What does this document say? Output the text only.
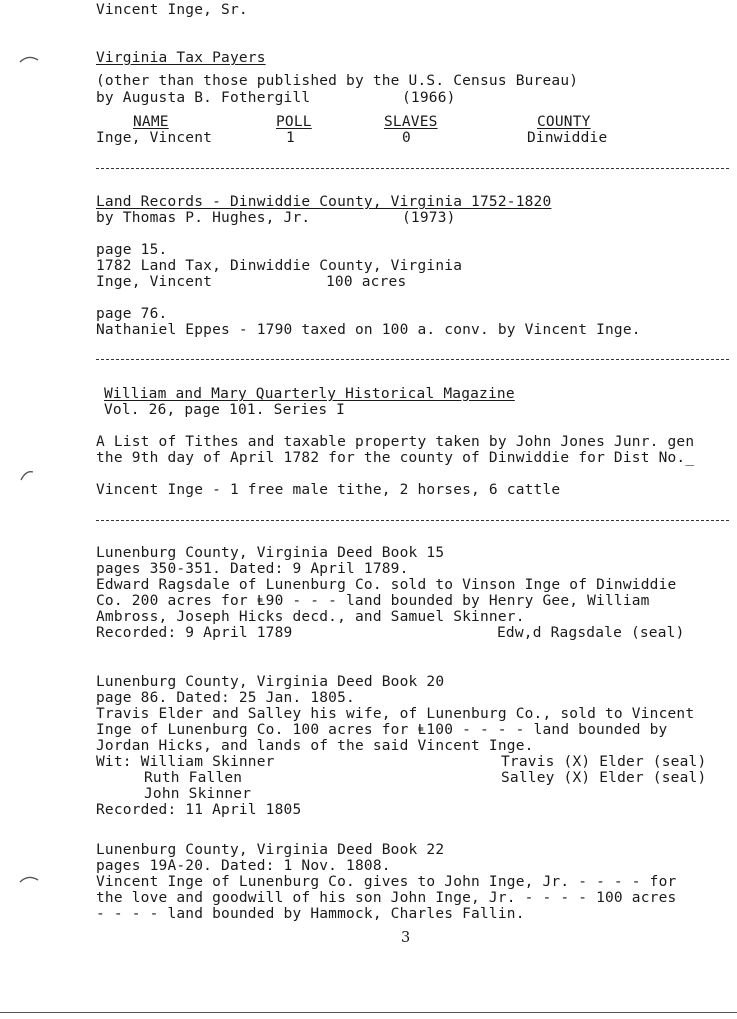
Vincent Inge, Sr.
Virginia Tax Payers
(other than those published by the U.S. Census Bureau)
by Augusta B. Fothergill	(1966)
NAME	POLL	SLAVES	COUNTY
Inge, Vincent	1	0	Dinwiddie
Land Records - Dinwiddie County, Virginia 1752-1820
by Thomas P. Hughes, Jr.	(1973)
page 15.
1782 Land Tax, Dinwiddie County, Virginia
Inge, Vincent	100 acres
page 76.
Nathaniel Eppes - 1790 taxed on 100 a. conv. by Vincent Inge.
William and Mary Quarterly Historical Magazine
Vol. 26, page 101. Series I
A List of Tithes and taxable property taken by John Jones Junr. gen
the 9th day of April 1782 for the county of Dinwiddie for Dist No._
Vincent Inge - 1 free male tithe, 2 horses, 6 cattle
Lunenburg County, Virginia Deed Book 15
pages 350-351. Dated: 9 April 1789.
Edward Ragsdale of Lunenburg Co. sold to Vinson Inge of Dinwiddie
Co. 200 acres for Ⱡ90 - - - land bounded by Henry Gee, William
Ambross, Joseph Hicks decd., and Samuel Skinner.
Recorded: 9 April 1789	Edw,d Ragsdale (seal)
Lunenburg County, Virginia Deed Book 20
page 86. Dated: 25 Jan. 1805.
Travis Elder and Salley his wife, of Lunenburg Co., sold to Vincent
Inge of Lunenburg Co. 100 acres for Ⱡ100 - - - - land bounded by
Jordan Hicks, and lands of the said Vincent Inge.
Wit: William Skinner	Travis (X) Elder (seal)
Ruth Fallen	Salley (X) Elder (seal)
John Skinner
Recorded: 11 April 1805
Lunenburg County, Virginia Deed Book 22
pages 19A-20. Dated: 1 Nov. 1808.
Vincent Inge of Lunenburg Co. gives to John Inge, Jr. - - - - for
the love and goodwill of his son John Inge, Jr. - - - - 100 acres
- - - - land bounded by Hammock, Charles Fallin.
3
